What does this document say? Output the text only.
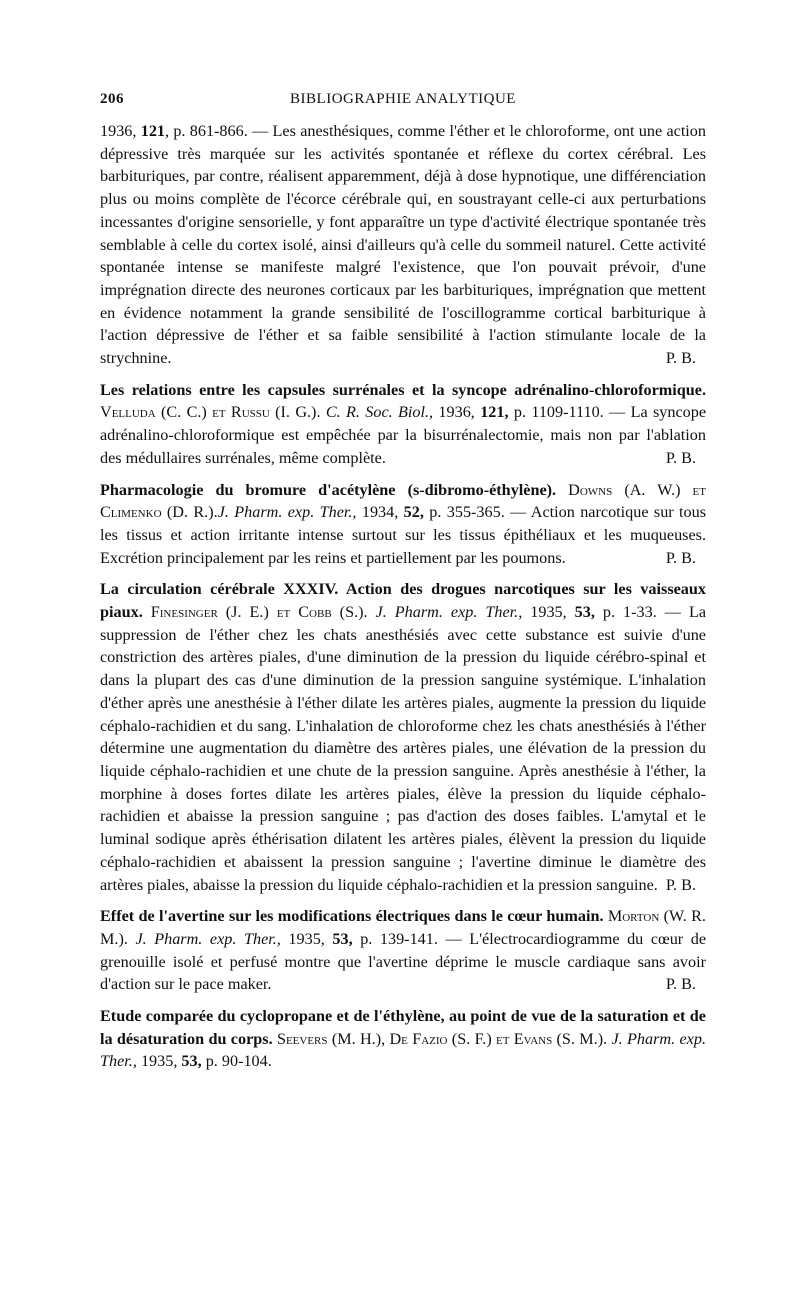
206	BIBLIOGRAPHIE ANALYTIQUE

1936, 121, p. 861-866. — Les anesthésiques, comme l'éther et le chloroforme, ont une action dépressive très marquée sur les activités spontanée et réflexe du cortex cérébral. Les barbituriques, par contre, réalisent apparemment, déjà à dose hypnotique, une différenciation plus ou moins complète de l'écorce cérébrale qui, en soustrayant celle-ci aux perturbations incessantes d'origine sensorielle, y font apparaître un type d'activité électrique spontanée très semblable à celle du cortex isolé, ainsi d'ailleurs qu'à celle du sommeil naturel. Cette activité spontanée intense se manifeste malgré l'existence, que l'on pouvait prévoir, d'une imprégnation directe des neurones corticaux par les barbituriques, imprégnation que mettent en évidence notamment la grande sensibilité de l'oscillogramme cortical barbiturique à l'action dépressive de l'éther et sa faible sensibilité à l'action stimulante locale de la strychnine.	P. B.

Les relations entre les capsules surrénales et la syncope adrénalino-chloroformique. Velluda (C. C.) et Russu (I. G.). C. R. Soc. Biol., 1936, 121, p. 1109-1110. — La syncope adrénalino-chloroformique est empêchée par la bisurrénalectomie, mais non par l'ablation des médullaires surrénales, même complète.	P. B.

Pharmacologie du bromure d'acétylène (s-dibromo-éthylène). Downs (A. W.) et Climenko (D. R.).J. Pharm. exp. Ther., 1934, 52, p. 355-365. — Action narcotique sur tous les tissus et action irritante intense surtout sur les tissus épithéliaux et les muqueuses. Excrétion principalement par les reins et partiellement par les poumons.	P. B.

La circulation cérébrale XXXIV. Action des drogues narcotiques sur les vaisseaux piaux. Finesinger (J. E.) et Cobb (S.). J. Pharm. exp. Ther., 1935, 53, p. 1-33. — La suppression de l'éther chez les chats anesthésiés avec cette substance est suivie d'une constriction des artères piales, d'une diminution de la pression du liquide cérébro-spinal et dans la plupart des cas d'une diminution de la pression sanguine systémique. L'inhalation d'éther après une anesthésie à l'éther dilate les artères piales, augmente la pression du liquide céphalo-rachidien et du sang. L'inhalation de chloroforme chez les chats anesthésiés à l'éther détermine une augmentation du diamètre des artères piales, une élévation de la pression du liquide céphalo-rachidien et une chute de la pression sanguine. Après anesthésie à l'éther, la morphine à doses fortes dilate les artères piales, élève la pression du liquide céphalo-rachidien et abaisse la pression sanguine ; pas d'action des doses faibles. L'amytal et le luminal sodique après éthérisation dilatent les artères piales, élèvent la pression du liquide céphalo-rachidien et abaissent la pression sanguine ; l'avertine diminue le diamètre des artères piales, abaisse la pression du liquide céphalo-rachidien et la pression sanguine. P. B.

Effet de l'avertine sur les modifications électriques dans le cœur humain. Morton (W. R. M.). J. Pharm. exp. Ther., 1935, 53, p. 139-141. — L'électrocardiogramme du cœur de grenouille isolé et perfusé montre que l'avertine déprime le muscle cardiaque sans avoir d'action sur le pace maker.	P. B.

Etude comparée du cyclopropane et de l'éthylène, au point de vue de la saturation et de la désaturation du corps. Seevers (M. H.), De Fazio (S. F.) et Evans (S. M.). J. Pharm. exp. Ther., 1935, 53, p. 90-104.
